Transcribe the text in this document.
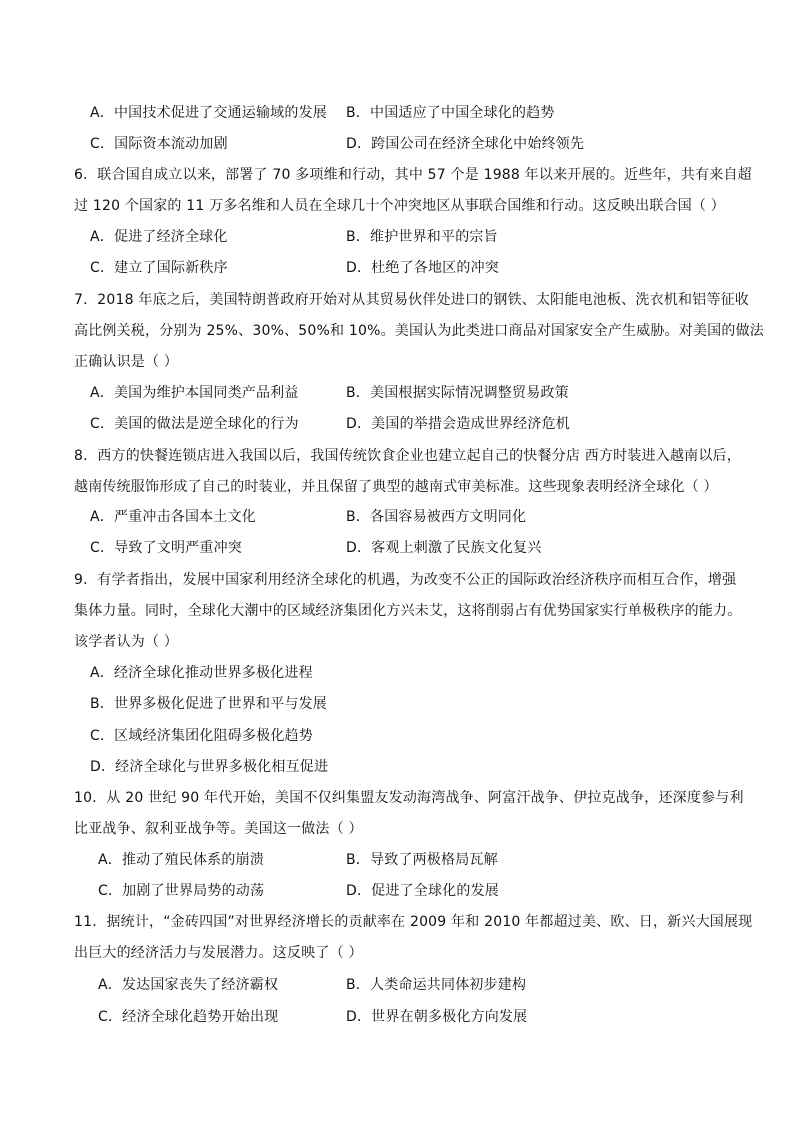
A．中国技术促进了交通运输域的发展 B．中国适应了中国全球化的趋势
C．国际资本流动加剧	D．跨国公司在经济全球化中始终领先
6．联合国自成立以来，部署了 70 多项维和行动，其中 57 个是 1988 年以来开展的。近些年，共有来自超
过 120 个国家的 11 万多名维和人员在全球几十个冲突地区从事联合国维和行动。这反映出联合国（ ）
A．促进了经济全球化	B．维护世界和平的宗旨
C．建立了国际新秩序	D．杜绝了各地区的冲突
7．2018 年底之后，美国特朗普政府开始对从其贸易伙伴处进口的钢铁、太阳能电池板、洗衣机和铝等征收
高比例关税，分别为 25%、30%、50%和 10%。美国认为此类进口商品对国家安全产生威胁。对美国的做法
正确认识是（ ）
A．美国为维护本国同类产品利益	B．美国根据实际情况调整贸易政策
C．美国的做法是逆全球化的行为	D．美国的举措会造成世界经济危机
8．西方的快餐连锁店进入我国以后，我国传统饮食企业也建立起自己的快餐分店 西方时装进入越南以后，
越南传统服饰形成了自己的时装业，并且保留了典型的越南式审美标准。这些现象表明经济全球化（ ）
A．严重冲击各国本土文化	B．各国容易被西方文明同化
C．导致了文明严重冲突	D．客观上刺激了民族文化复兴
9．有学者指出，发展中国家利用经济全球化的机遇，为改变不公正的国际政治经济秩序而相互合作，增强
集体力量。同时，全球化大潮中的区域经济集团化方兴未艾，这将削弱占有优势国家实行单极秩序的能力。
该学者认为（ ）
A．经济全球化推动世界多极化进程
B．世界多极化促进了世界和平与发展
C．区域经济集团化阻碍多极化趋势
D．经济全球化与世界多极化相互促进
10．从 20 世纪 90 年代开始，美国不仅纠集盟友发动海湾战争、阿富汗战争、伊拉克战争，还深度参与利
比亚战争、叙利亚战争等。美国这一做法（ ）
A．推动了殖民体系的崩溃	B．导致了两极格局瓦解
C．加剧了世界局势的动荡	D．促进了全球化的发展
11．据统计，“金砖四国”对世界经济增长的贡献率在 2009 年和 2010 年都超过美、欧、日，新兴大国展现
出巨大的经济活力与发展潜力。这反映了（ ）
A．发达国家丧失了经济霸权	B．人类命运共同体初步建构
C．经济全球化趋势开始出现	D．世界在朝多极化方向发展
